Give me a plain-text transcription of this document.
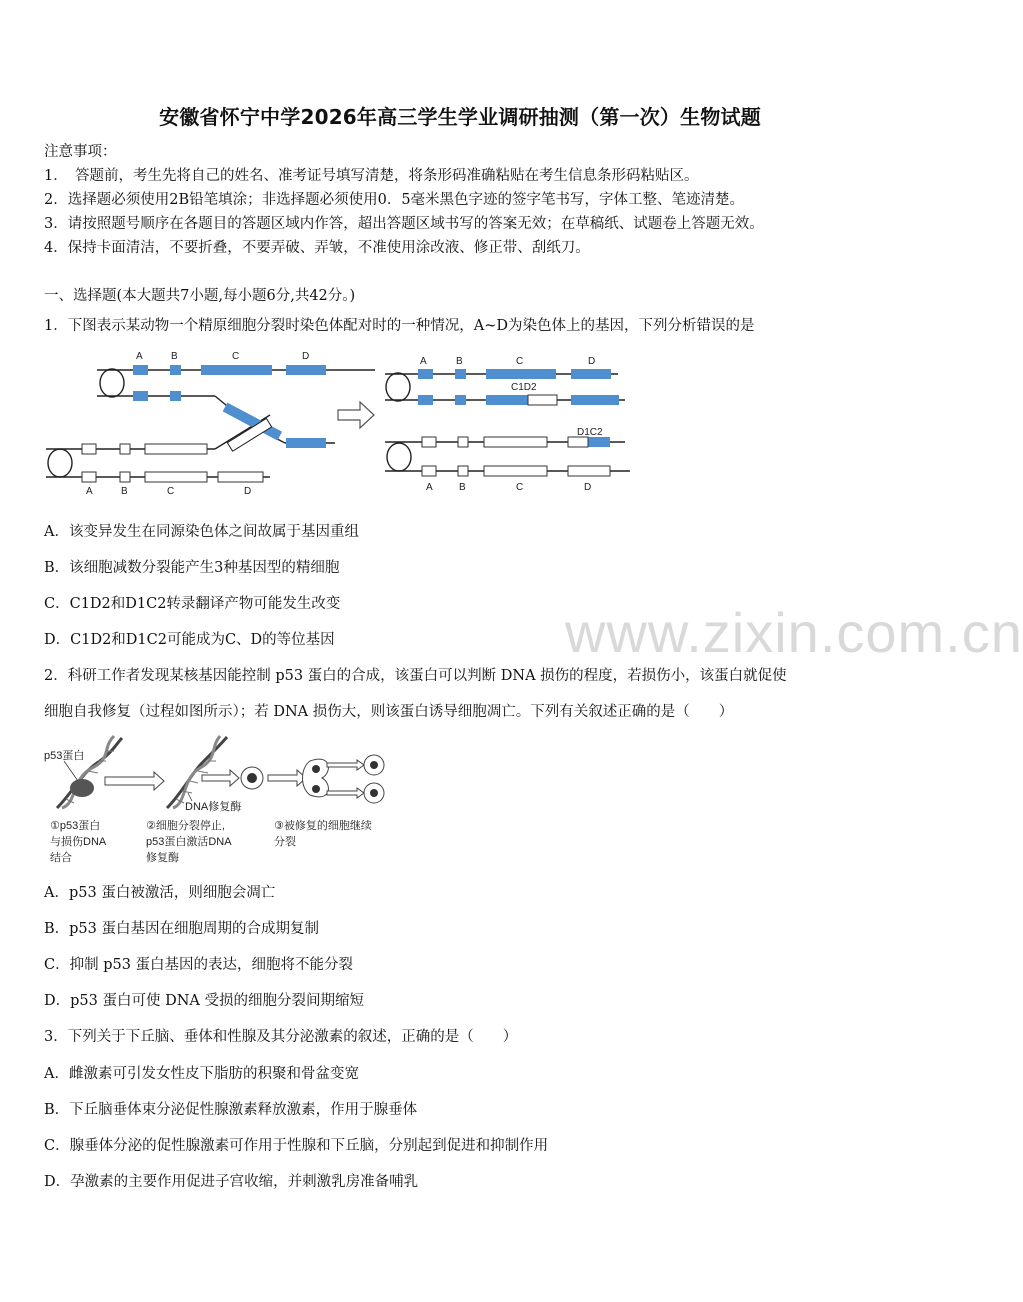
www.zixin.com.cn
安徽省怀宁中学2026年高三学生学业调研抽测（第一次）生物试题
注意事项：
1．　答题前，考生先将自己的姓名、准考证号填写清楚，将条形码准确粘贴在考生信息条形码粘贴区。
2．选择题必须使用2B铅笔填涂；非选择题必须使用0．5毫米黑色字迹的签字笔书写，字体工整、笔迹清楚。
3．请按照题号顺序在各题目的答题区域内作答，超出答题区域书写的答案无效；在草稿纸、试题卷上答题无效。
4．保持卡面清洁，不要折叠，不要弄破、弄皱，不准使用涂改液、修正带、刮纸刀。
一、选择题(本大题共7小题,每小题6分,共42分。)
1．下图表示某动物一个精原细胞分裂时染色体配对时的一种情况，A~D为染色体上的基因，下列分析错误的是
A	B	C	D
A	B	C	D
A	B	C	D
C1D2
D1C2
A	B	C	D
A．该变异发生在同源染色体之间故属于基因重组
B．该细胞减数分裂能产生3种基因型的精细胞
C．C1D2和D1C2转录翻译产物可能发生改变
D．C1D2和D1C2可能成为C、D的等位基因
2．科研工作者发现某核基因能控制 p53 蛋白的合成，该蛋白可以判断 DNA 损伤的程度，若损伤小，该蛋白就促使
细胞自我修复（过程如图所示）；若 DNA 损伤大，则该蛋白诱导细胞凋亡。下列有关叙述正确的是（　　）
p53蛋白
DNA修复酶
①p53蛋白
与损伤DNA
结合
②细胞分裂停止,
p53蛋白激活DNA
修复酶
③被修复的细胞继续
分裂
A．p53 蛋白被激活，则细胞会凋亡
B．p53 蛋白基因在细胞周期的合成期复制
C．抑制 p53 蛋白基因的表达，细胞将不能分裂
D．p53 蛋白可使 DNA 受损的细胞分裂间期缩短
3．下列关于下丘脑、垂体和性腺及其分泌激素的叙述，正确的是（　　）
A．雌激素可引发女性皮下脂肪的积聚和骨盆变宽
B．下丘脑垂体束分泌促性腺激素释放激素，作用于腺垂体
C．腺垂体分泌的促性腺激素可作用于性腺和下丘脑，分别起到促进和抑制作用
D．孕激素的主要作用促进子宫收缩，并刺激乳房准备哺乳
